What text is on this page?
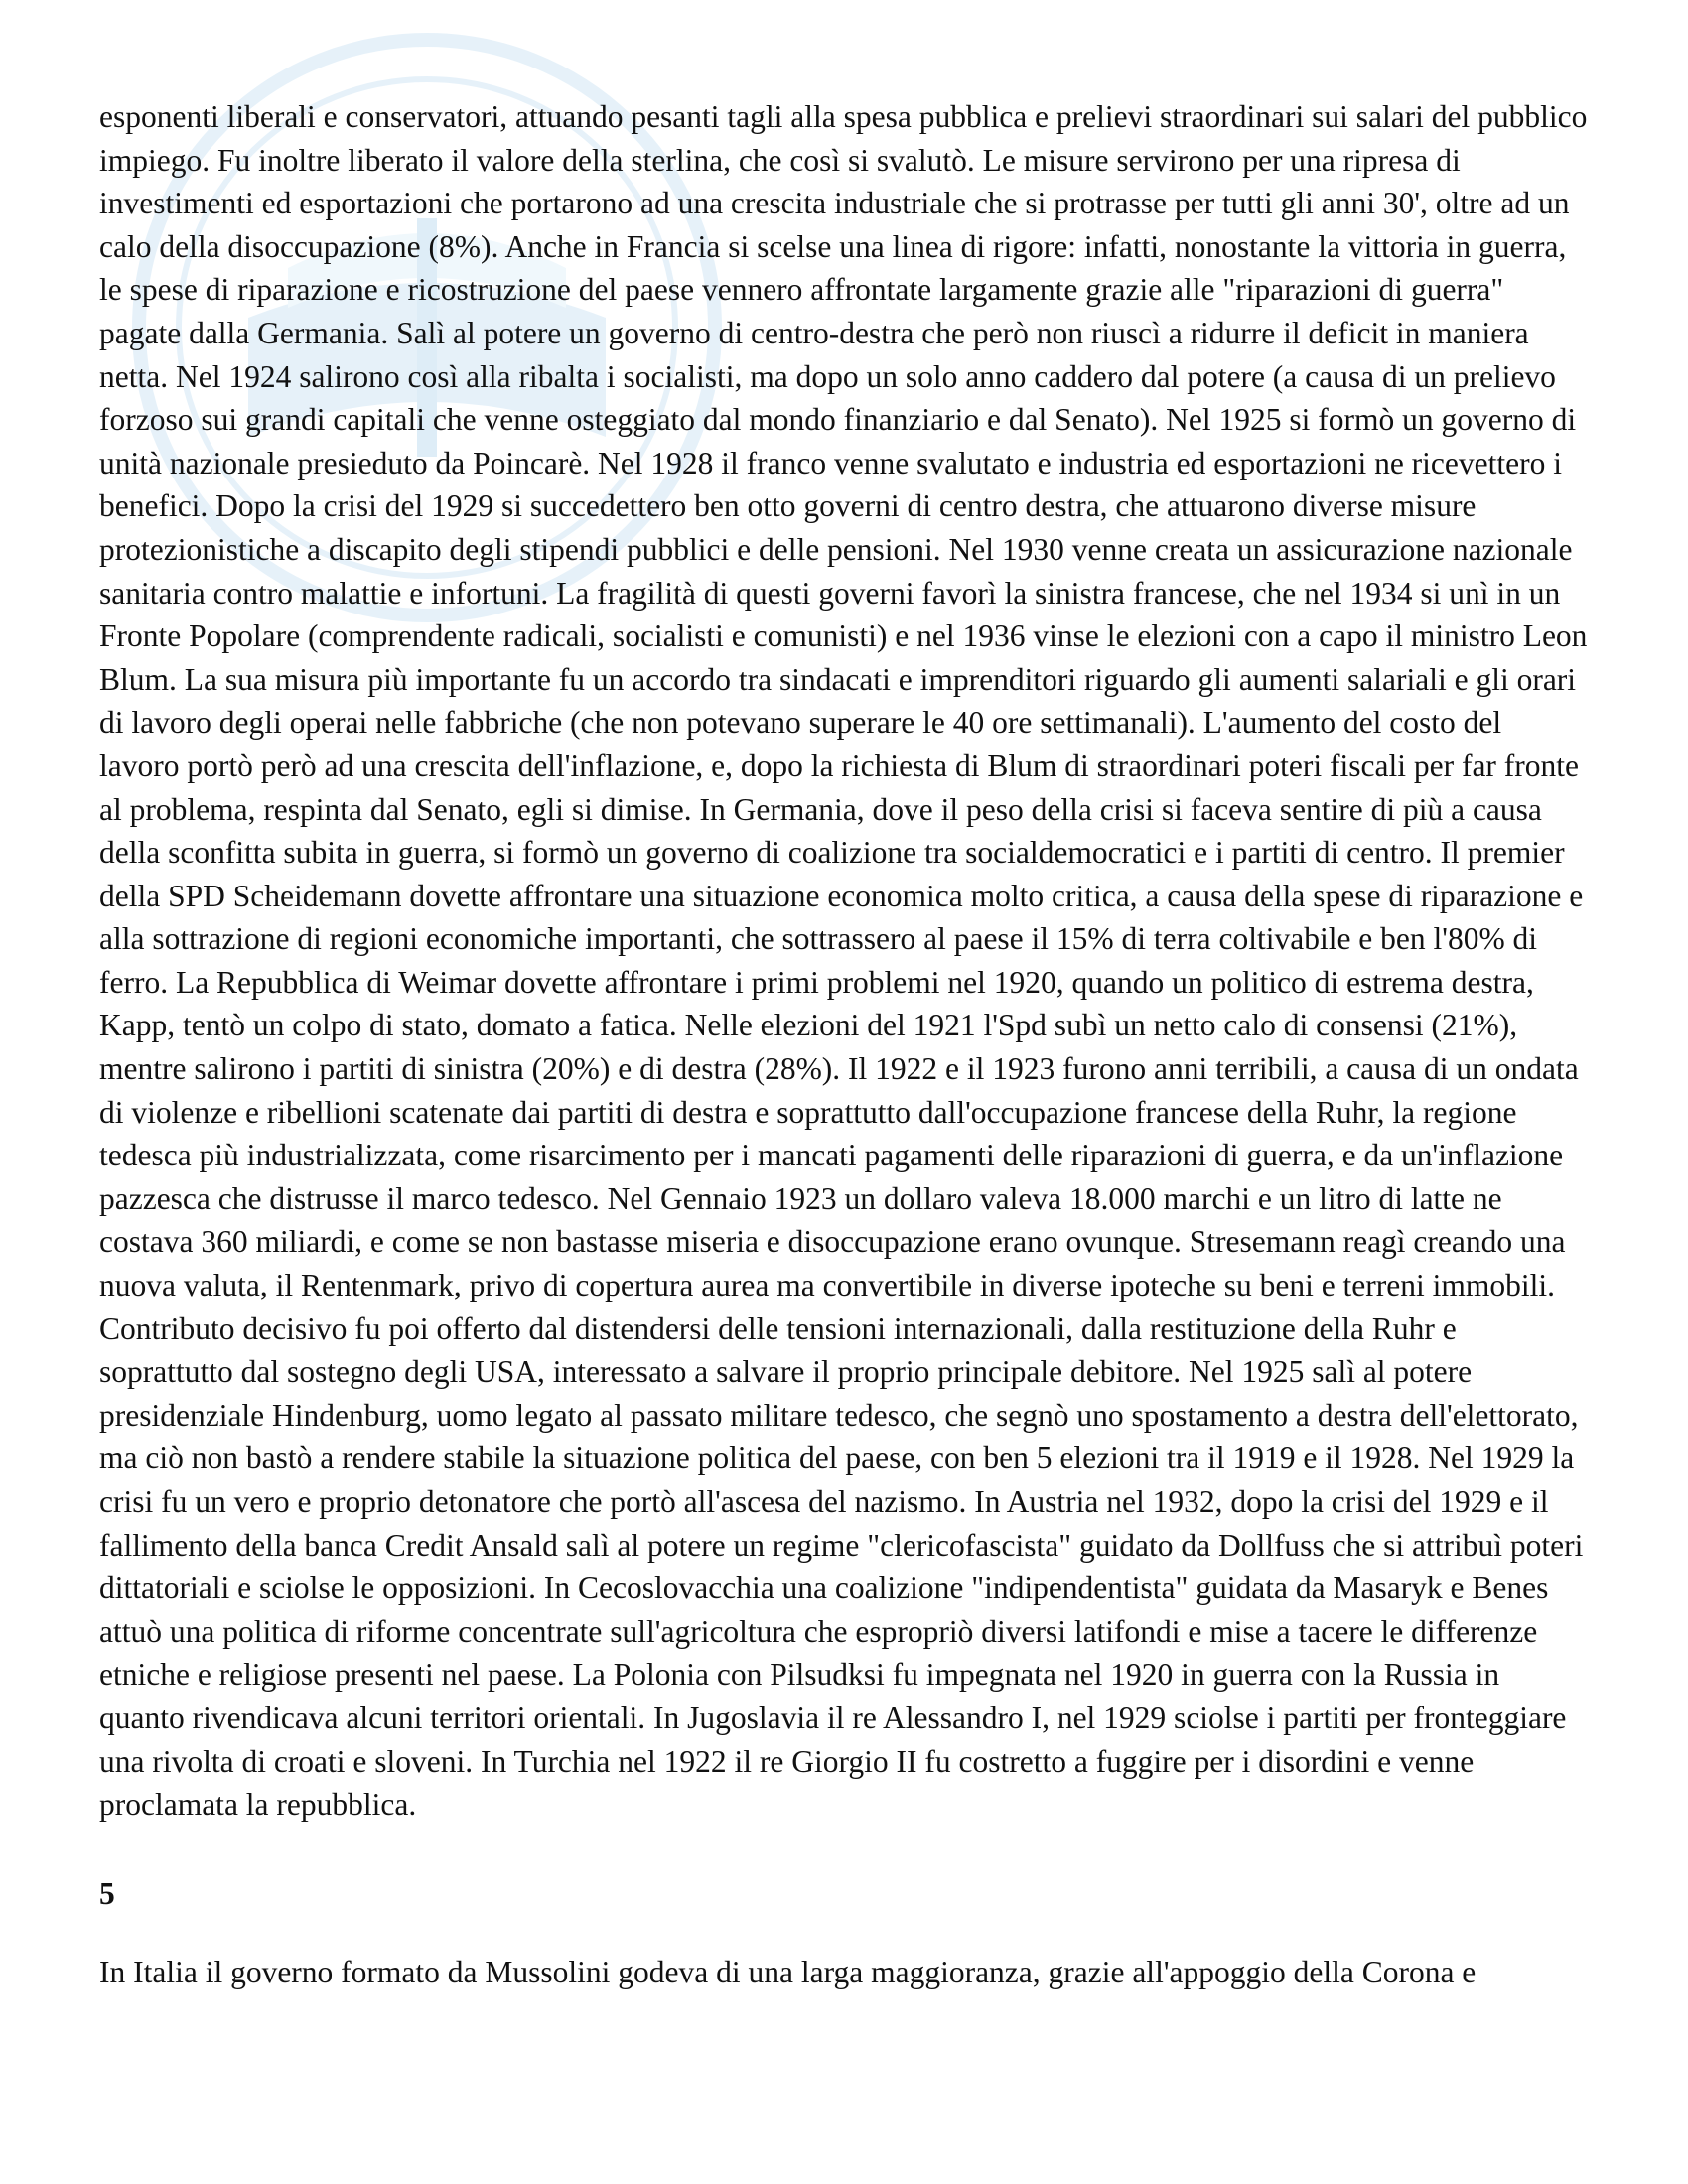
esponenti liberali e conservatori, attuando pesanti tagli alla spesa pubblica e prelievi straordinari sui salari del pubblico impiego. Fu inoltre liberato il valore della sterlina, che così si svalutò. Le misure servirono per una ripresa di investimenti ed esportazioni che portarono ad una crescita industriale che si protrasse per tutti gli anni 30', oltre ad un calo della disoccupazione (8%). Anche in Francia si scelse una linea di rigore: infatti, nonostante la vittoria in guerra, le spese di riparazione e ricostruzione del paese vennero affrontate largamente grazie alle "riparazioni di guerra" pagate dalla Germania. Salì al potere un governo di centro-destra che però non riuscì a ridurre il deficit in maniera netta. Nel 1924 salirono così alla ribalta i socialisti, ma dopo un solo anno caddero dal potere (a causa di un prelievo forzoso sui grandi capitali che venne osteggiato dal mondo finanziario e dal Senato). Nel 1925 si formò un governo di unità nazionale presieduto da Poincarè. Nel 1928 il franco venne svalutato e industria ed esportazioni ne ricevettero i benefici. Dopo la crisi del 1929 si succedettero ben otto governi di centro destra, che attuarono diverse misure protezionistiche a discapito degli stipendi pubblici e delle pensioni. Nel 1930 venne creata un assicurazione nazionale sanitaria contro malattie e infortuni. La fragilità di questi governi favorì la sinistra francese, che nel 1934 si unì in un Fronte Popolare (comprendente radicali, socialisti e comunisti) e nel 1936 vinse le elezioni con a capo il ministro Leon Blum. La sua misura più importante fu un accordo tra sindacati e imprenditori riguardo gli aumenti salariali e gli orari di lavoro degli operai nelle fabbriche (che non potevano superare le 40 ore settimanali). L'aumento del costo del lavoro portò però ad una crescita dell'inflazione, e, dopo la richiesta di Blum di straordinari poteri fiscali per far fronte al problema, respinta dal Senato, egli si dimise. In Germania, dove il peso della crisi si faceva sentire di più a causa della sconfitta subita in guerra, si formò un governo di coalizione tra socialdemocratici e i partiti di centro. Il premier della SPD Scheidemann dovette affrontare una situazione economica molto critica, a causa della spese di riparazione e alla sottrazione di regioni economiche importanti, che sottrassero al paese il 15% di terra coltivabile e ben l'80% di ferro. La Repubblica di Weimar dovette affrontare i primi problemi nel 1920, quando un politico di estrema destra, Kapp, tentò un colpo di stato, domato a fatica. Nelle elezioni del 1921 l'Spd subì un netto calo di consensi (21%), mentre salirono i partiti di sinistra (20%) e di destra (28%). Il 1922 e il 1923 furono anni terribili, a causa di un ondata di violenze e ribellioni scatenate dai partiti di destra e soprattutto dall'occupazione francese della Ruhr, la regione tedesca più industrializzata, come risarcimento per i mancati pagamenti delle riparazioni di guerra, e da un'inflazione pazzesca che distrusse il marco tedesco. Nel Gennaio 1923 un dollaro valeva 18.000 marchi e un litro di latte ne costava 360 miliardi, e come se non bastasse miseria e disoccupazione erano ovunque. Stresemann reagì creando una nuova valuta, il Rentenmark, privo di copertura aurea ma convertibile in diverse ipoteche su beni e terreni immobili. Contributo decisivo fu poi offerto dal distendersi delle tensioni internazionali, dalla restituzione della Ruhr e soprattutto dal sostegno degli USA, interessato a salvare il proprio principale debitore. Nel 1925 salì al potere presidenziale Hindenburg, uomo legato al passato militare tedesco, che segnò uno spostamento a destra dell'elettorato, ma ciò non bastò a rendere stabile la situazione politica del paese, con ben 5 elezioni tra il 1919 e il 1928. Nel 1929 la crisi fu un vero e proprio detonatore che portò all'ascesa del nazismo. In Austria nel 1932, dopo la crisi del 1929 e il fallimento della banca Credit Ansald salì al potere un regime "clericofascista" guidato da Dollfuss che si attribuì poteri dittatoriali e sciolse le opposizioni. In Cecoslovacchia una coalizione "indipendentista" guidata da Masaryk e Benes attuò una politica di riforme concentrate sull'agricoltura che espropriò diversi latifondi e mise a tacere le differenze etniche e religiose presenti nel paese. La Polonia con Pilsudksi fu impegnata nel 1920 in guerra con la Russia in quanto rivendicava alcuni territori orientali. In Jugoslavia il re Alessandro I, nel 1929 sciolse i partiti per fronteggiare una rivolta di croati e sloveni. In Turchia nel 1922 il re Giorgio II fu costretto a fuggire per i disordini e venne proclamata la repubblica.

5

In Italia il governo formato da Mussolini godeva di una larga maggioranza, grazie all'appoggio della Corona e
